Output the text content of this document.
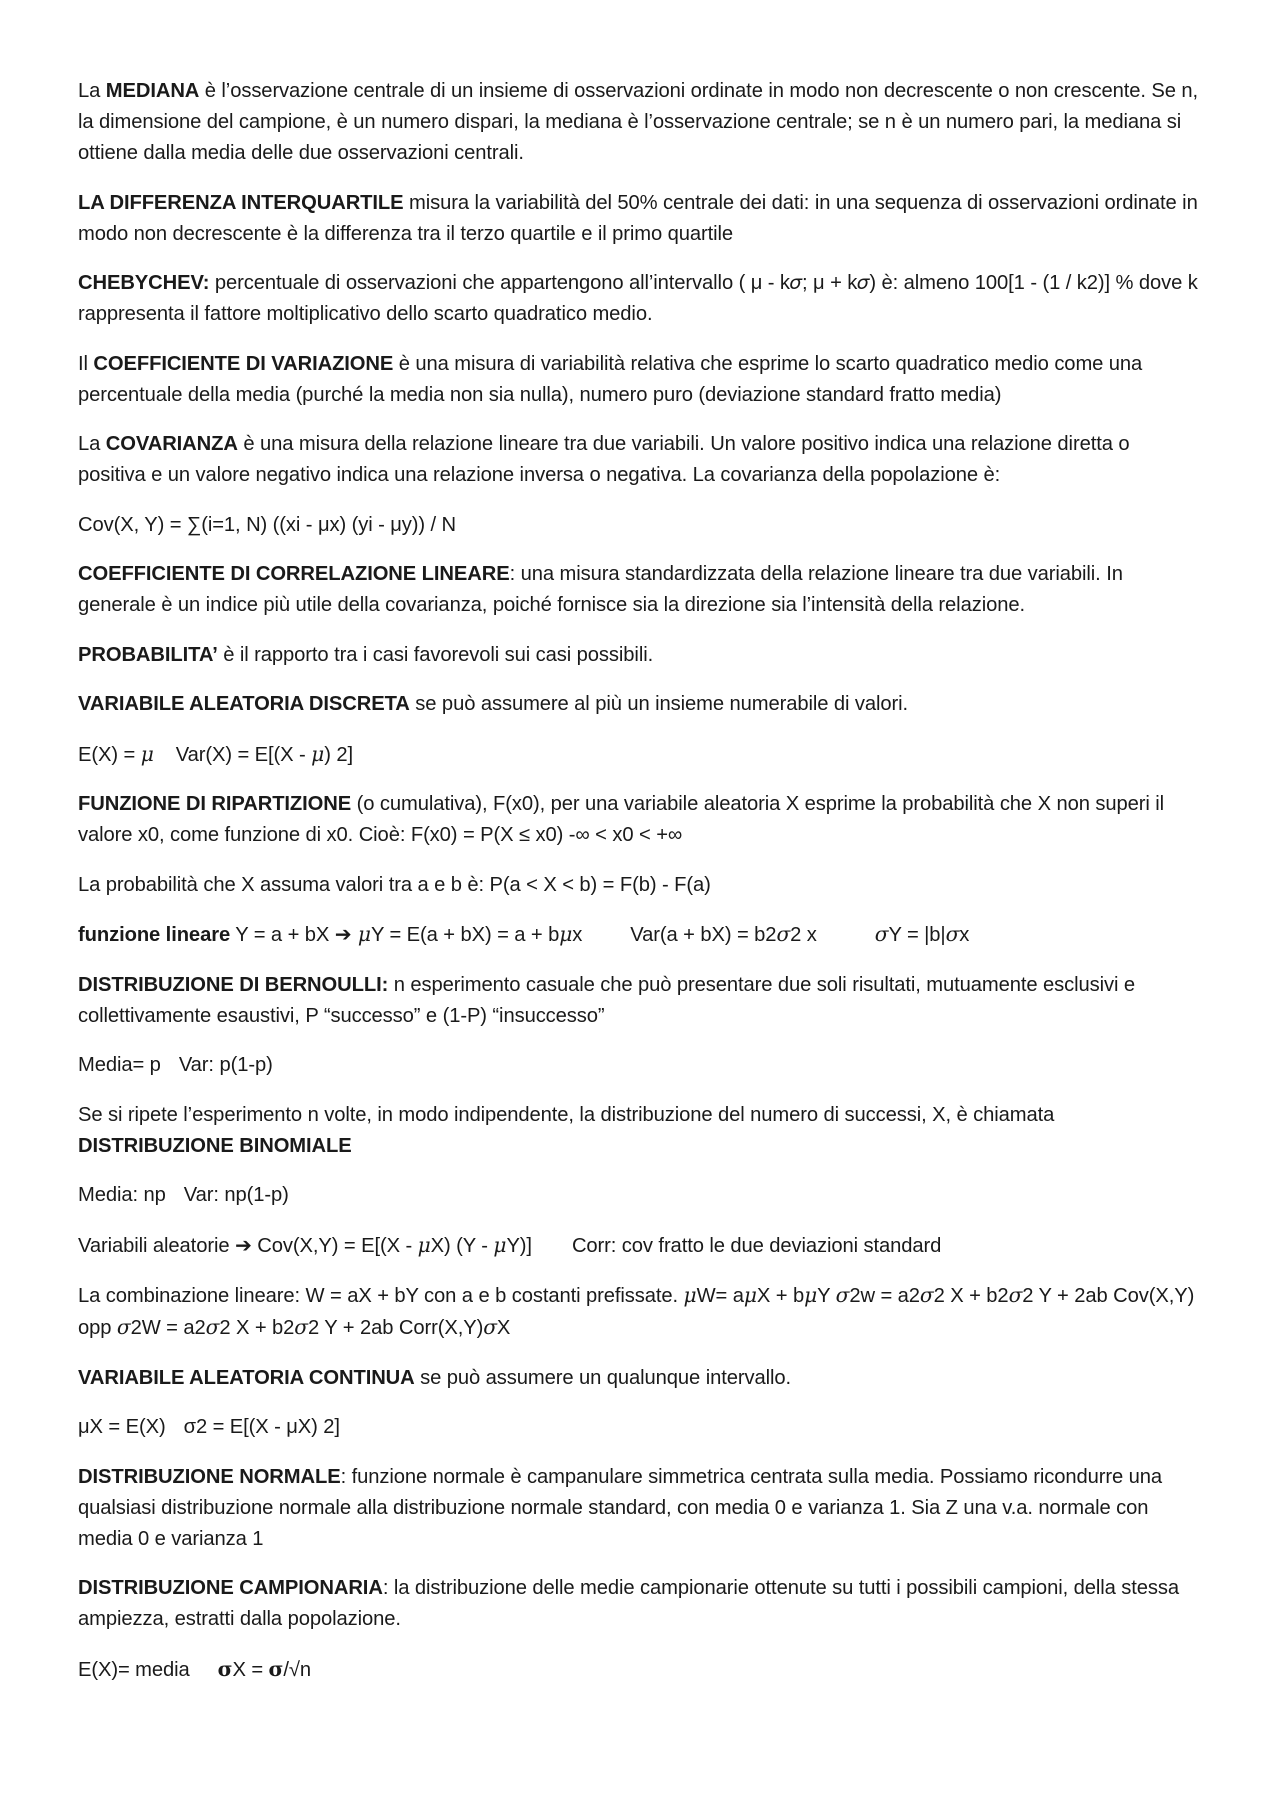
La MEDIANA è l’osservazione centrale di un insieme di osservazioni ordinate in modo non decrescente o non crescente. Se n, la dimensione del campione, è un numero dispari, la mediana è l’osservazione centrale; se n è un numero pari, la mediana si ottiene dalla media delle due osservazioni centrali.

LA DIFFERENZA INTERQUARTILE misura la variabilità del 50% centrale dei dati: in una sequenza di osservazioni ordinate in modo non decrescente è la differenza tra il terzo quartile e il primo quartile

CHEBYCHEV: percentuale di osservazioni che appartengono all’intervallo ( μ - k𝜎; μ + k𝜎) è: almeno 100[1 - (1 / k2)] % dove k rappresenta il fattore moltiplicativo dello scarto quadratico medio.

Il COEFFICIENTE DI VARIAZIONE è una misura di variabilità relativa che esprime lo scarto quadratico medio come una percentuale della media (purché la media non sia nulla), numero puro (deviazione standard fratto media)

La COVARIANZA è una misura della relazione lineare tra due variabili. Un valore positivo indica una relazione diretta o positiva e un valore negativo indica una relazione inversa o negativa. La covarianza della popolazione è:

Cov(X, Y) = ∑(i=1, N) ((xi - μx) (yi - μy)) / N

COEFFICIENTE DI CORRELAZIONE LINEARE: una misura standardizzata della relazione lineare tra due variabili. In generale è un indice più utile della covarianza, poiché fornisce sia la direzione sia l’intensità della relazione.

PROBABILITA’ è il rapporto tra i casi favorevoli sui casi possibili.

VARIABILE ALEATORIA DISCRETA se può assumere al più un insieme numerabile di valori.

E(X) = 𝜇 Var(X) = E[(X - 𝜇) 2]

FUNZIONE DI RIPARTIZIONE (o cumulativa), F(x0), per una variabile aleatoria X esprime la probabilità che X non superi il valore x0, come funzione di x0. Cioè: F(x0) = P(X ≤ x0) -∞ < x0 < +∞

La probabilità che X assuma valori tra a e b è: P(a < X < b) = F(b) - F(a)

funzione lineare Y = a + bX ➔ 𝜇Y = E(a + bX) = a + b𝜇x Var(a + bX) = b2𝜎2 x	𝜎Y = |b|𝜎x

DISTRIBUZIONE DI BERNOULLI: n esperimento casuale che può presentare due soli risultati, mutuamente esclusivi e collettivamente esaustivi, P “successo” e (1-P) “insuccesso”

Media= p Var: p(1-p)

Se si ripete l’esperimento n volte, in modo indipendente, la distribuzione del numero di successi, X, è chiamata DISTRIBUZIONE BINOMIALE

Media: np Var: np(1-p)

Variabili aleatorie ➔ Cov(X,Y) = E[(X - 𝜇X) (Y - 𝜇Y)] Corr: cov fratto le due deviazioni standard

La combinazione lineare: W = aX + bY con a e b costanti prefissate. 𝜇W= a𝜇X + b𝜇Y 𝜎2w = a2𝜎2 X + b2𝜎2 Y + 2ab Cov(X,Y) opp 𝜎2W = a2𝜎2 X + b2𝜎2 Y + 2ab Corr(X,Y)𝜎X

VARIABILE ALEATORIA CONTINUA se può assumere un qualunque intervallo.

μX = E(X) σ2 = E[(X - μX) 2]

DISTRIBUZIONE NORMALE: funzione normale è campanulare simmetrica centrata sulla media. Possiamo ricondurre una qualsiasi distribuzione normale alla distribuzione normale standard, con media 0 e varianza 1. Sia Z una v.a. normale con media 0 e varianza 1

DISTRIBUZIONE CAMPIONARIA: la distribuzione delle medie campionarie ottenute su tutti i possibili campioni, della stessa ampiezza, estratti dalla popolazione.

E(X)= media σX = σ/√n
